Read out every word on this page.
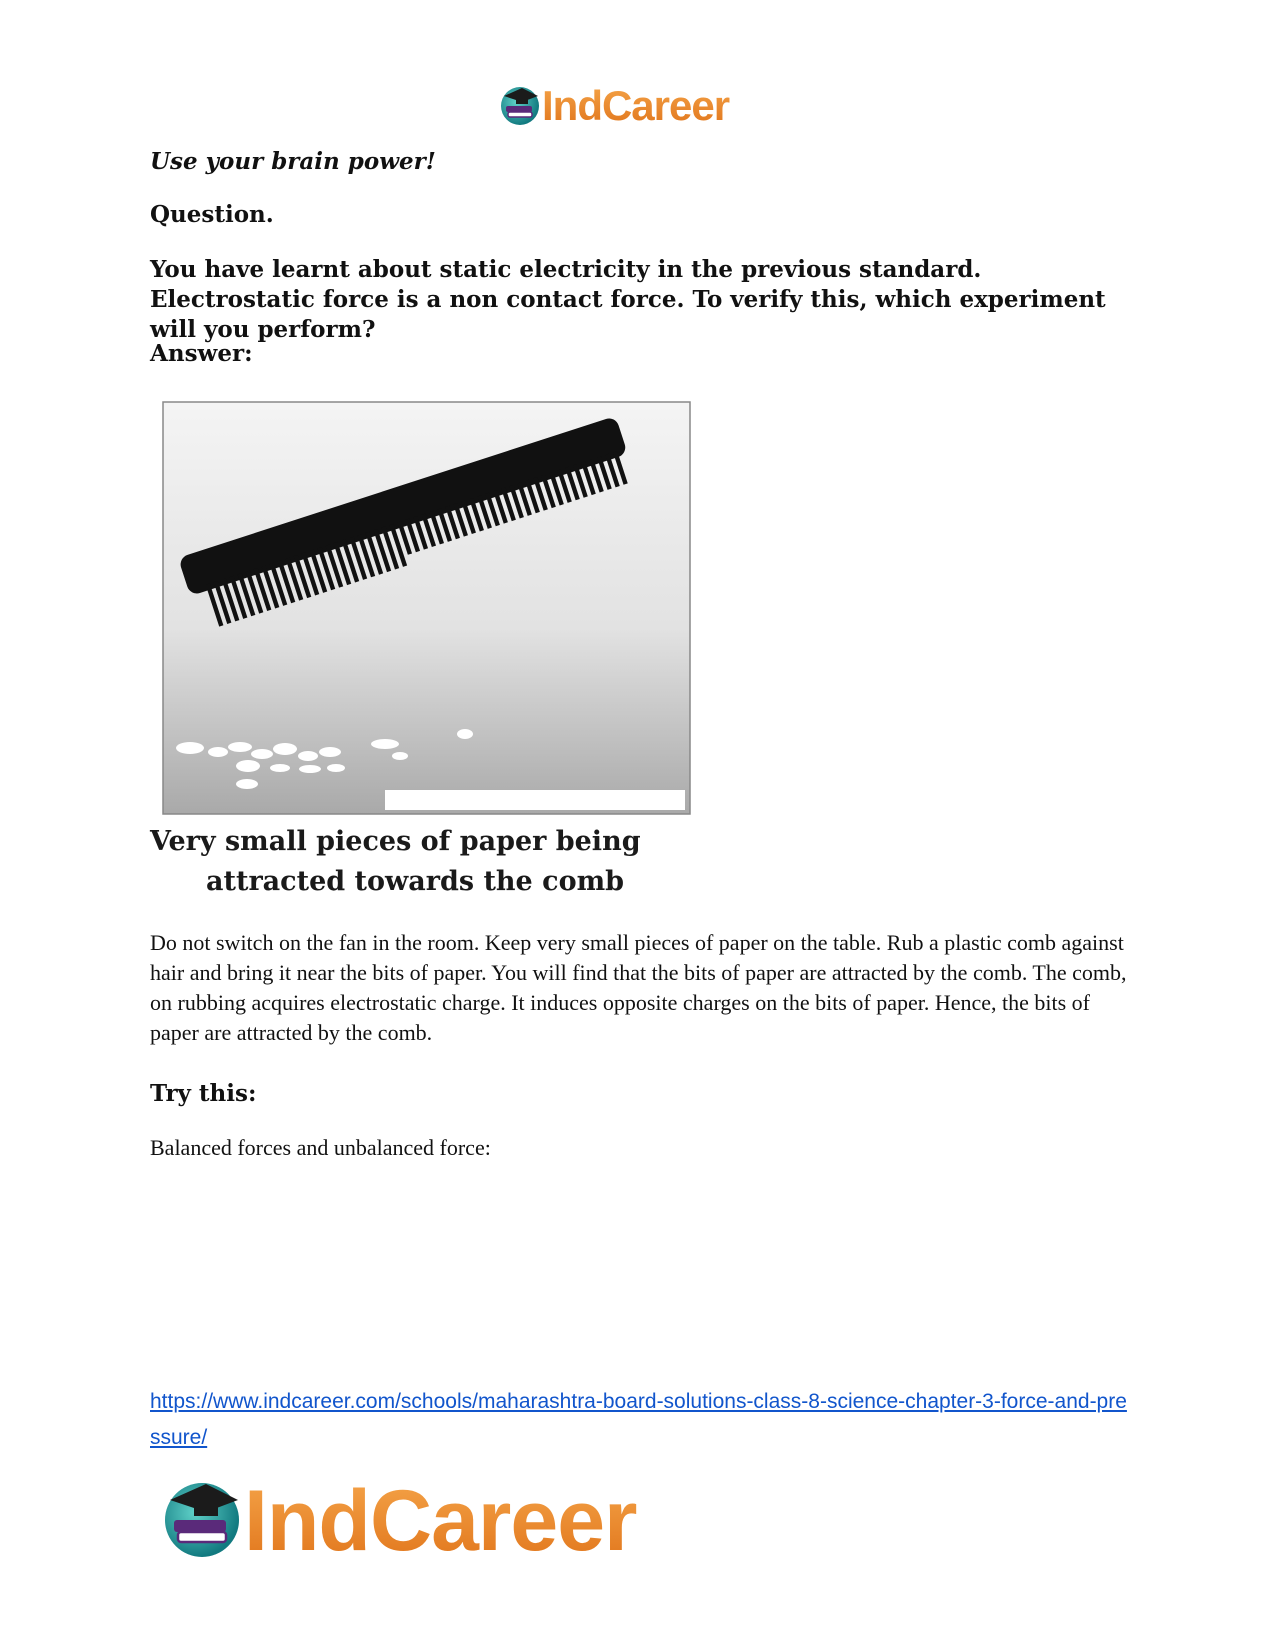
IndCareer

Use your brain power!

Question.

You have learnt about static electricity in the previous standard. Electrostatic force is a non contact force. To verify this, which experiment will you perform?

Answer:

Very small pieces of paper being
attracted towards the comb

Do not switch on the fan in the room. Keep very small pieces of paper on the table. Rub a plastic comb against hair and bring it near the bits of paper. You will find that the bits of paper are attracted by the comb. The comb, on rubbing acquires electrostatic charge. It induces opposite charges on the bits of paper. Hence, the bits of paper are attracted by the comb.

Try this:

Balanced forces and unbalanced force:

https://www.indcareer.com/schools/maharashtra-board-solutions-class-8-science-chapter-3-force-and-pressure/
IndCareer
